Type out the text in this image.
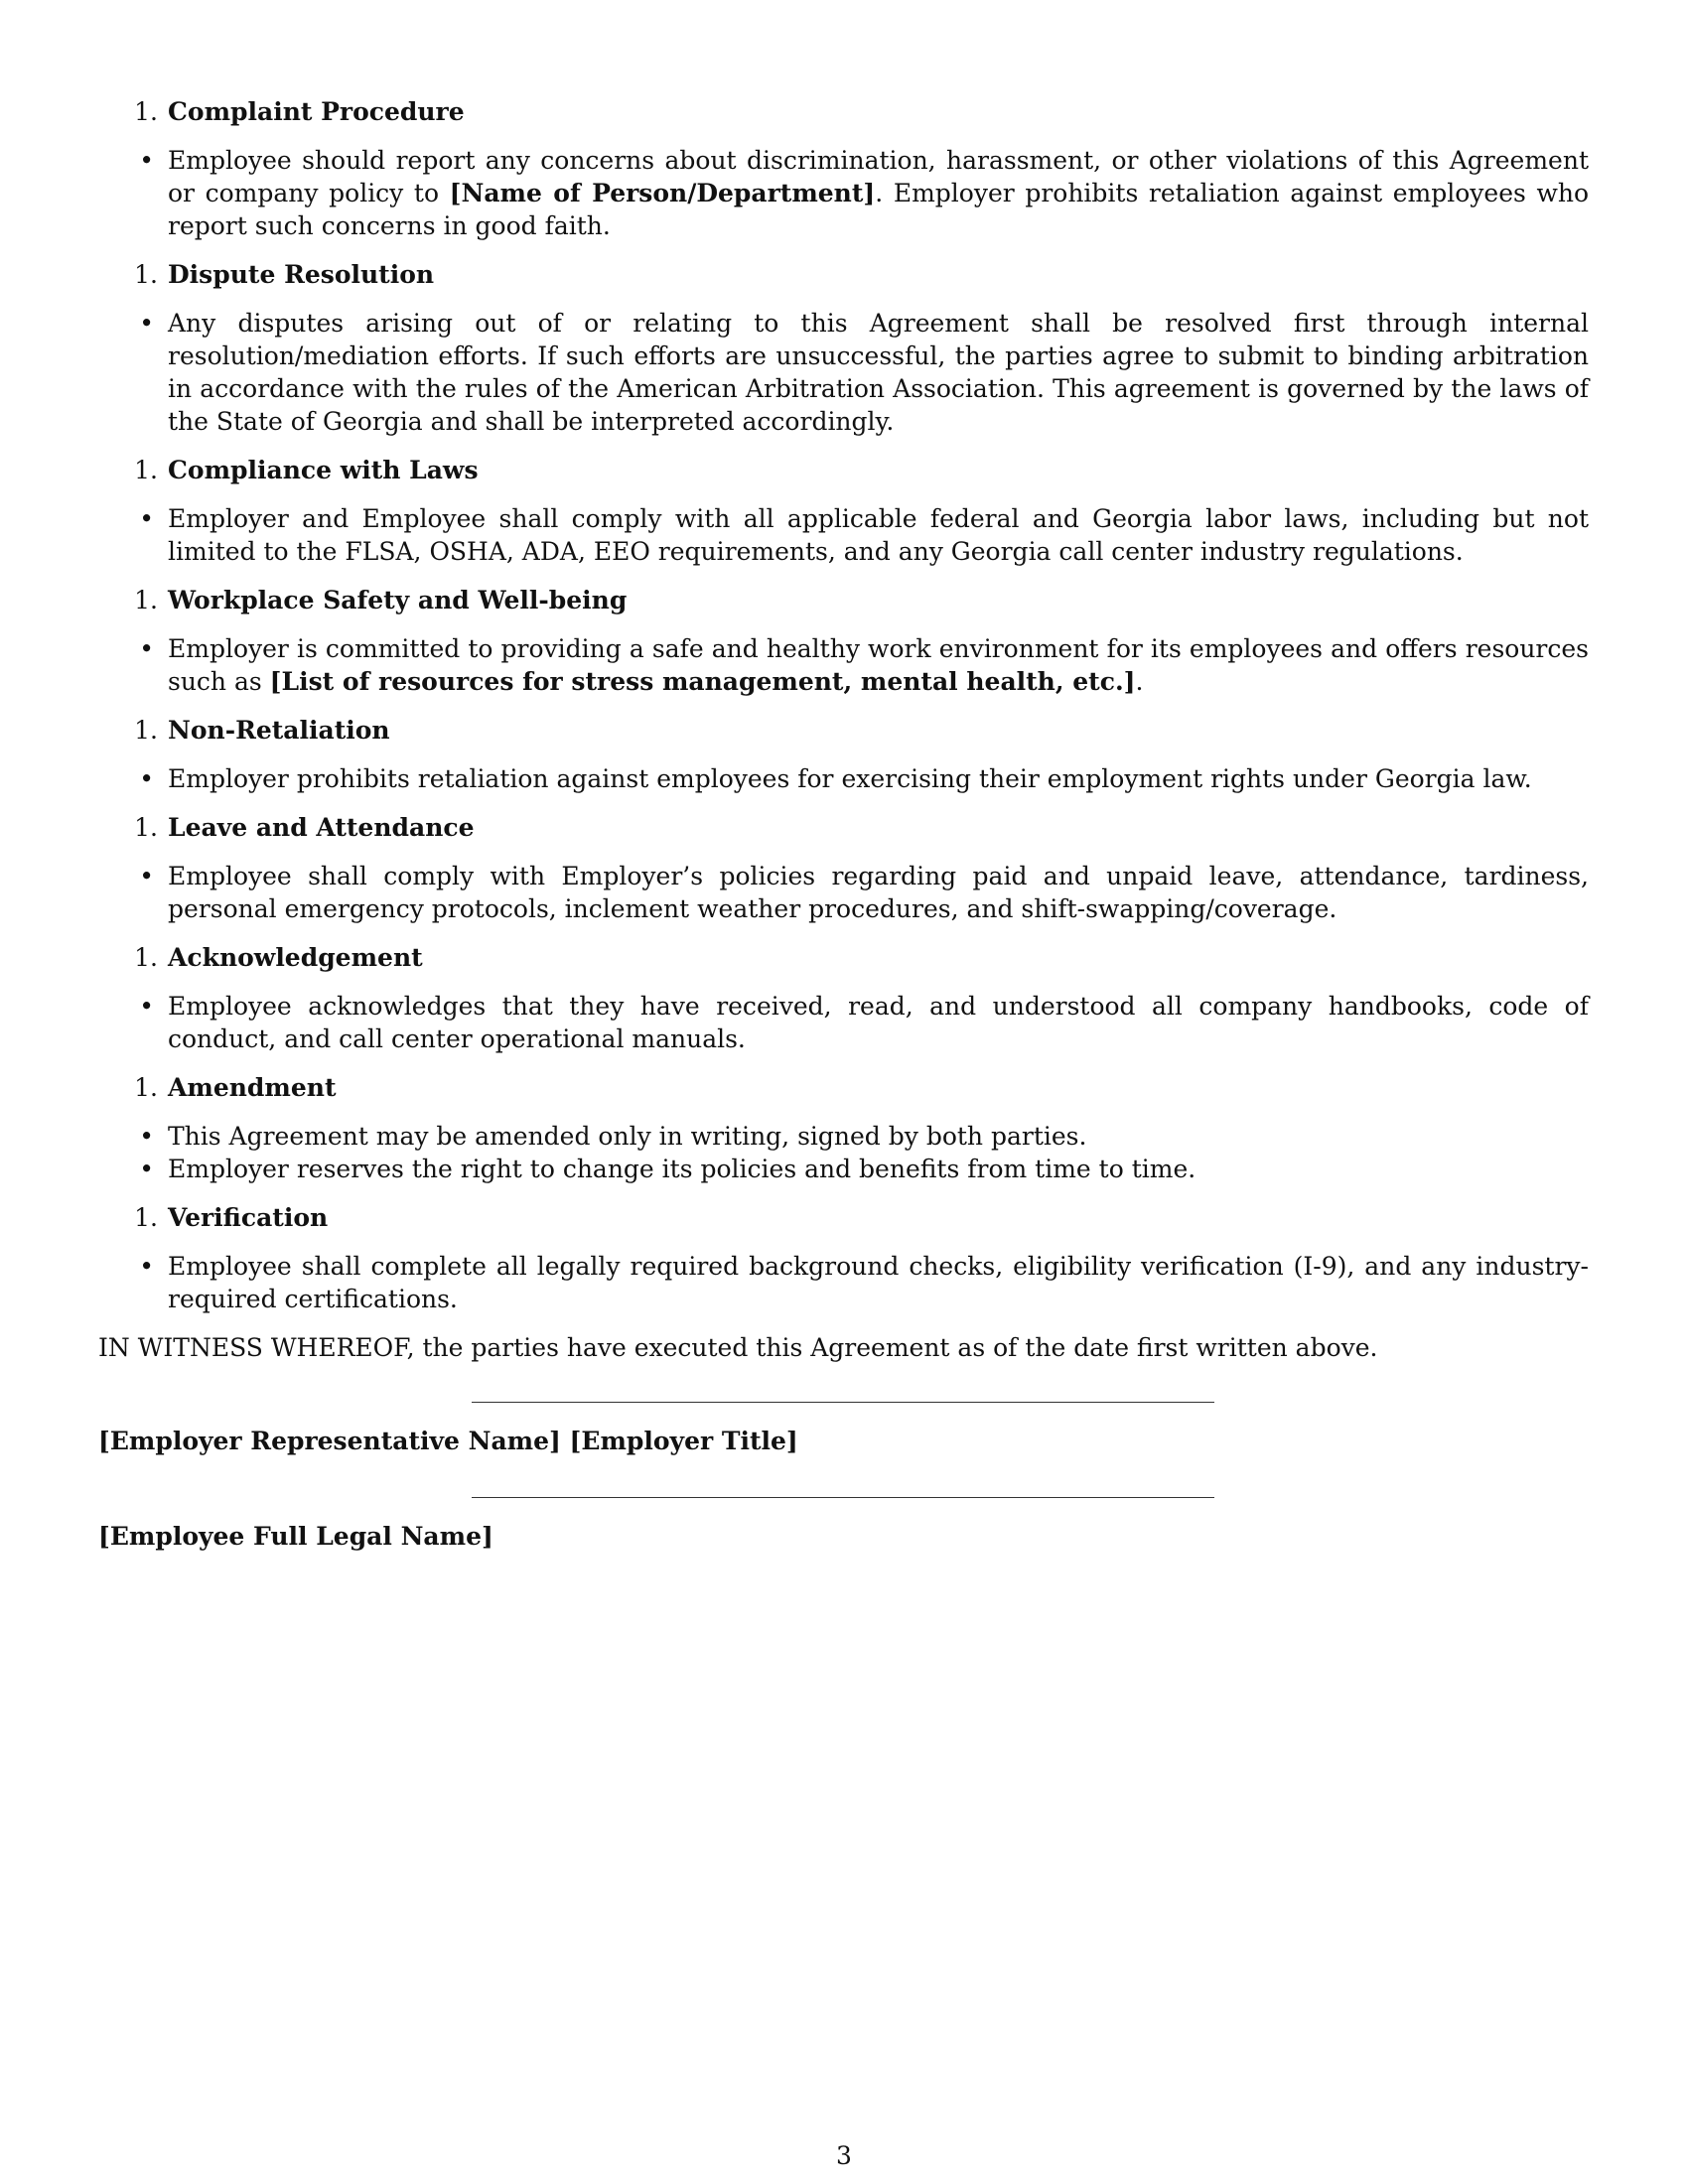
1. Complaint Procedure
• Employee should report any concerns about discrimination, harassment, or other violations of this Agreement or company policy to [Name of Person/Department]. Employer prohibits retaliation against employees who report such concerns in good faith.
1. Dispute Resolution
• Any disputes arising out of or relating to this Agreement shall be resolved first through internal resolution/mediation efforts. If such efforts are unsuccessful, the parties agree to submit to binding arbitration in accordance with the rules of the American Arbitration Association. This agreement is governed by the laws of the State of Georgia and shall be interpreted accordingly.
1. Compliance with Laws
• Employer and Employee shall comply with all applicable federal and Georgia labor laws, including but not limited to the FLSA, OSHA, ADA, EEO requirements, and any Georgia call center industry regulations.
1. Workplace Safety and Well-being
• Employer is committed to providing a safe and healthy work environment for its employees and offers resources such as [List of resources for stress management, mental health, etc.].
1. Non-Retaliation
• Employer prohibits retaliation against employees for exercising their employment rights under Georgia law.
1. Leave and Attendance
• Employee shall comply with Employer’s policies regarding paid and unpaid leave, attendance, tardiness, personal emergency protocols, inclement weather procedures, and shift-swapping/coverage.
1. Acknowledgement
• Employee acknowledges that they have received, read, and understood all company handbooks, code of conduct, and call center operational manuals.
1. Amendment
• This Agreement may be amended only in writing, signed by both parties.
• Employer reserves the right to change its policies and benefits from time to time.
1. Verification
• Employee shall complete all legally required background checks, eligibility verification (I-9), and any industry-required certifications.
IN WITNESS WHEREOF, the parties have executed this Agreement as of the date first written above.
[Employer Representative Name] [Employer Title]
[Employee Full Legal Name]
3
